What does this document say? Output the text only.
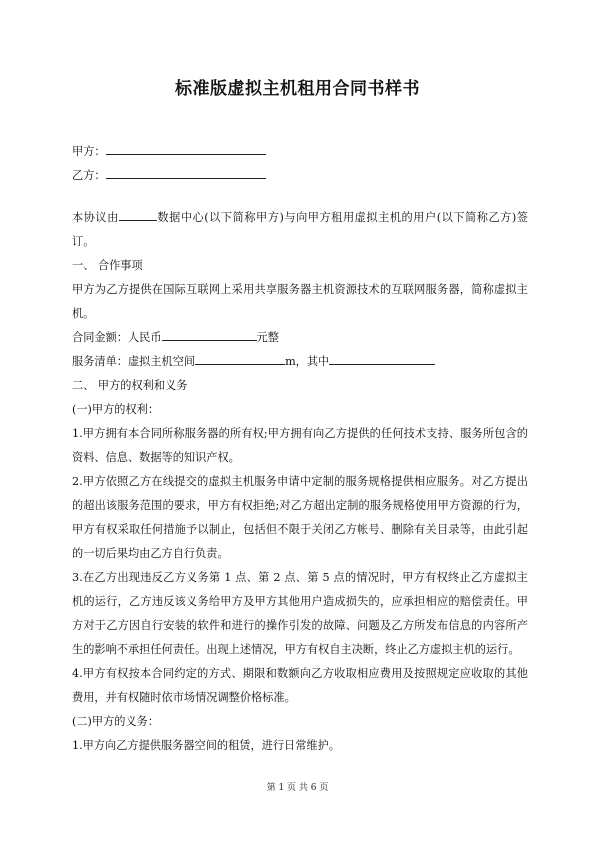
标准版虚拟主机租用合同书样书
甲方：
乙方：
本协议由	数据中心(以下简称甲方)与向甲方租用虚拟主机的用户(以下简称乙方)签订。
一、 合作事项
甲方为乙方提供在国际互联网上采用共享服务器主机资源技术的互联网服务器，简称虚拟主机。
合同金额：人民币	元整
服务清单：虚拟主机空间	m，其中
二、 甲方的权利和义务
(一)甲方的权利：
1.甲方拥有本合同所称服务器的所有权;甲方拥有向乙方提供的任何技术支持、服务所包含的资料、信息、数据等的知识产权。
2.甲方依照乙方在线提交的虚拟主机服务申请中定制的服务规格提供相应服务。对乙方提出的超出该服务范围的要求，甲方有权拒绝;对乙方超出定制的服务规格使用甲方资源的行为，甲方有权采取任何措施予以制止，包括但不限于关闭乙方帐号、删除有关目录等，由此引起的一切后果均由乙方自行负责。
3.在乙方出现违反乙方义务第 1 点、第 2 点、第 5 点的情况时，甲方有权终止乙方虚拟主机的运行，乙方违反该义务给甲方及甲方其他用户造成损失的，应承担相应的赔偿责任。甲方对于乙方因自行安装的软件和进行的操作引发的故障、问题及乙方所发布信息的内容所产生的影响不承担任何责任。出现上述情况，甲方有权自主决断，终止乙方虚拟主机的运行。
4.甲方有权按本合同约定的方式、期限和数额向乙方收取相应费用及按照规定应收取的其他费用，并有权随时依市场情况调整价格标准。
(二)甲方的义务：
1.甲方向乙方提供服务器空间的租赁，进行日常维护。
第 1 页 共 6 页
